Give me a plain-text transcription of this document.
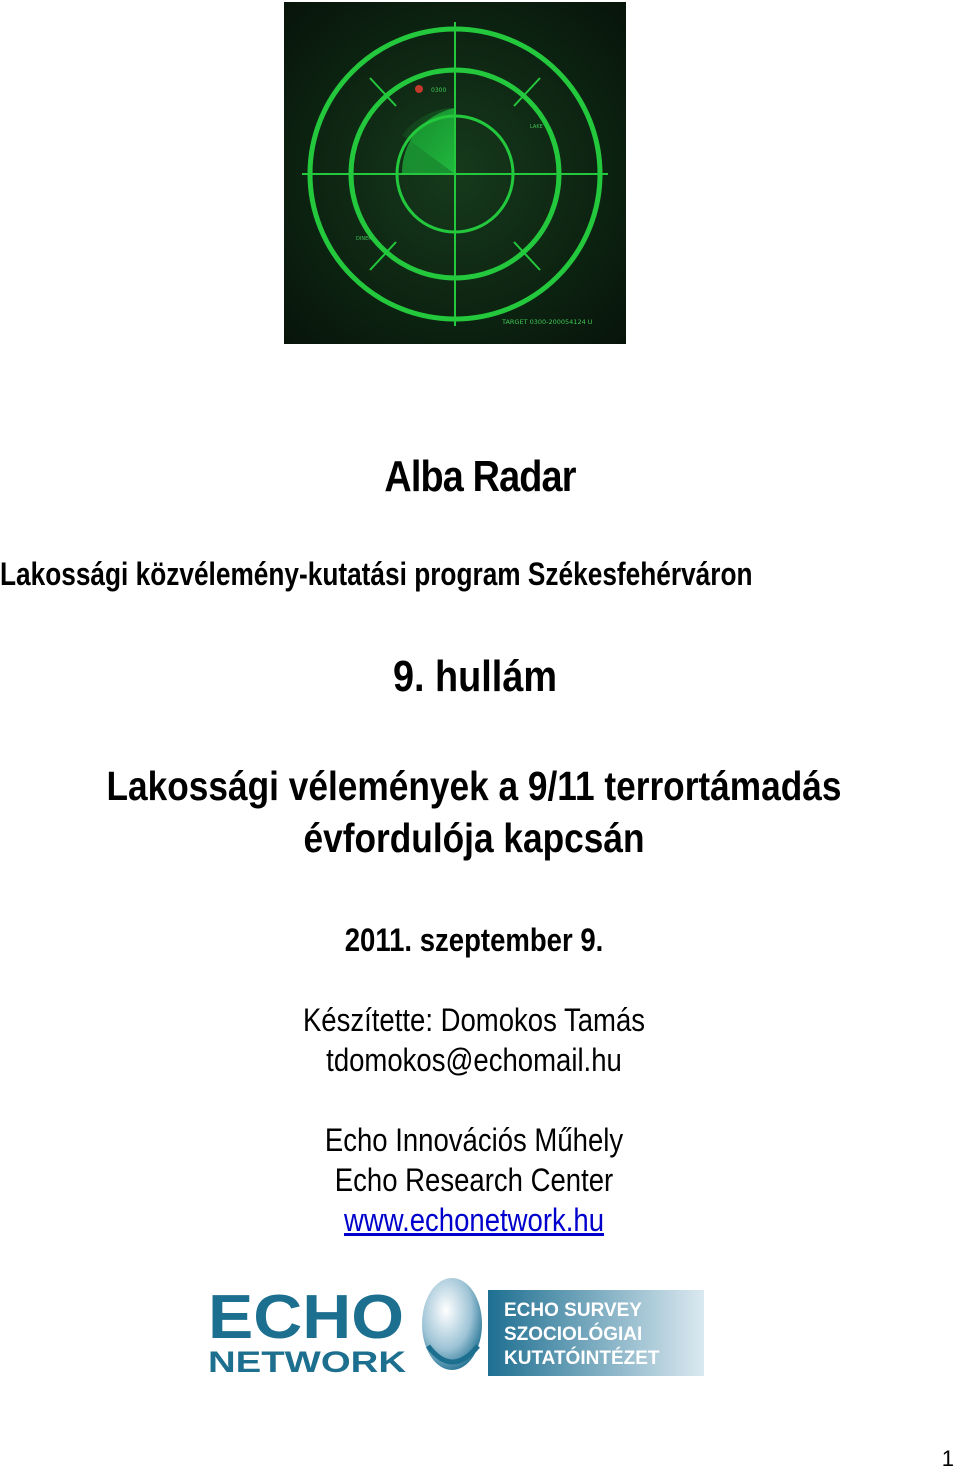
0300
LAKE
DINER
TARGET 0300-200054124 U
Alba Radar
Lakossági közvélemény-kutatási program Székesfehérváron
9. hullám
Lakossági vélemények a 9/11 terrortámadás
évfordulója kapcsán
2011. szeptember 9.
Készítette: Domokos Tamás
tdomokos@echomail.hu
Echo Innovációs Műhely
Echo Research Center
www.echonetwork.hu
ECHO
NETWORK
ECHO SURVEY
SZOCIOLÓGIAI
KUTATÓINTÉZET
1
